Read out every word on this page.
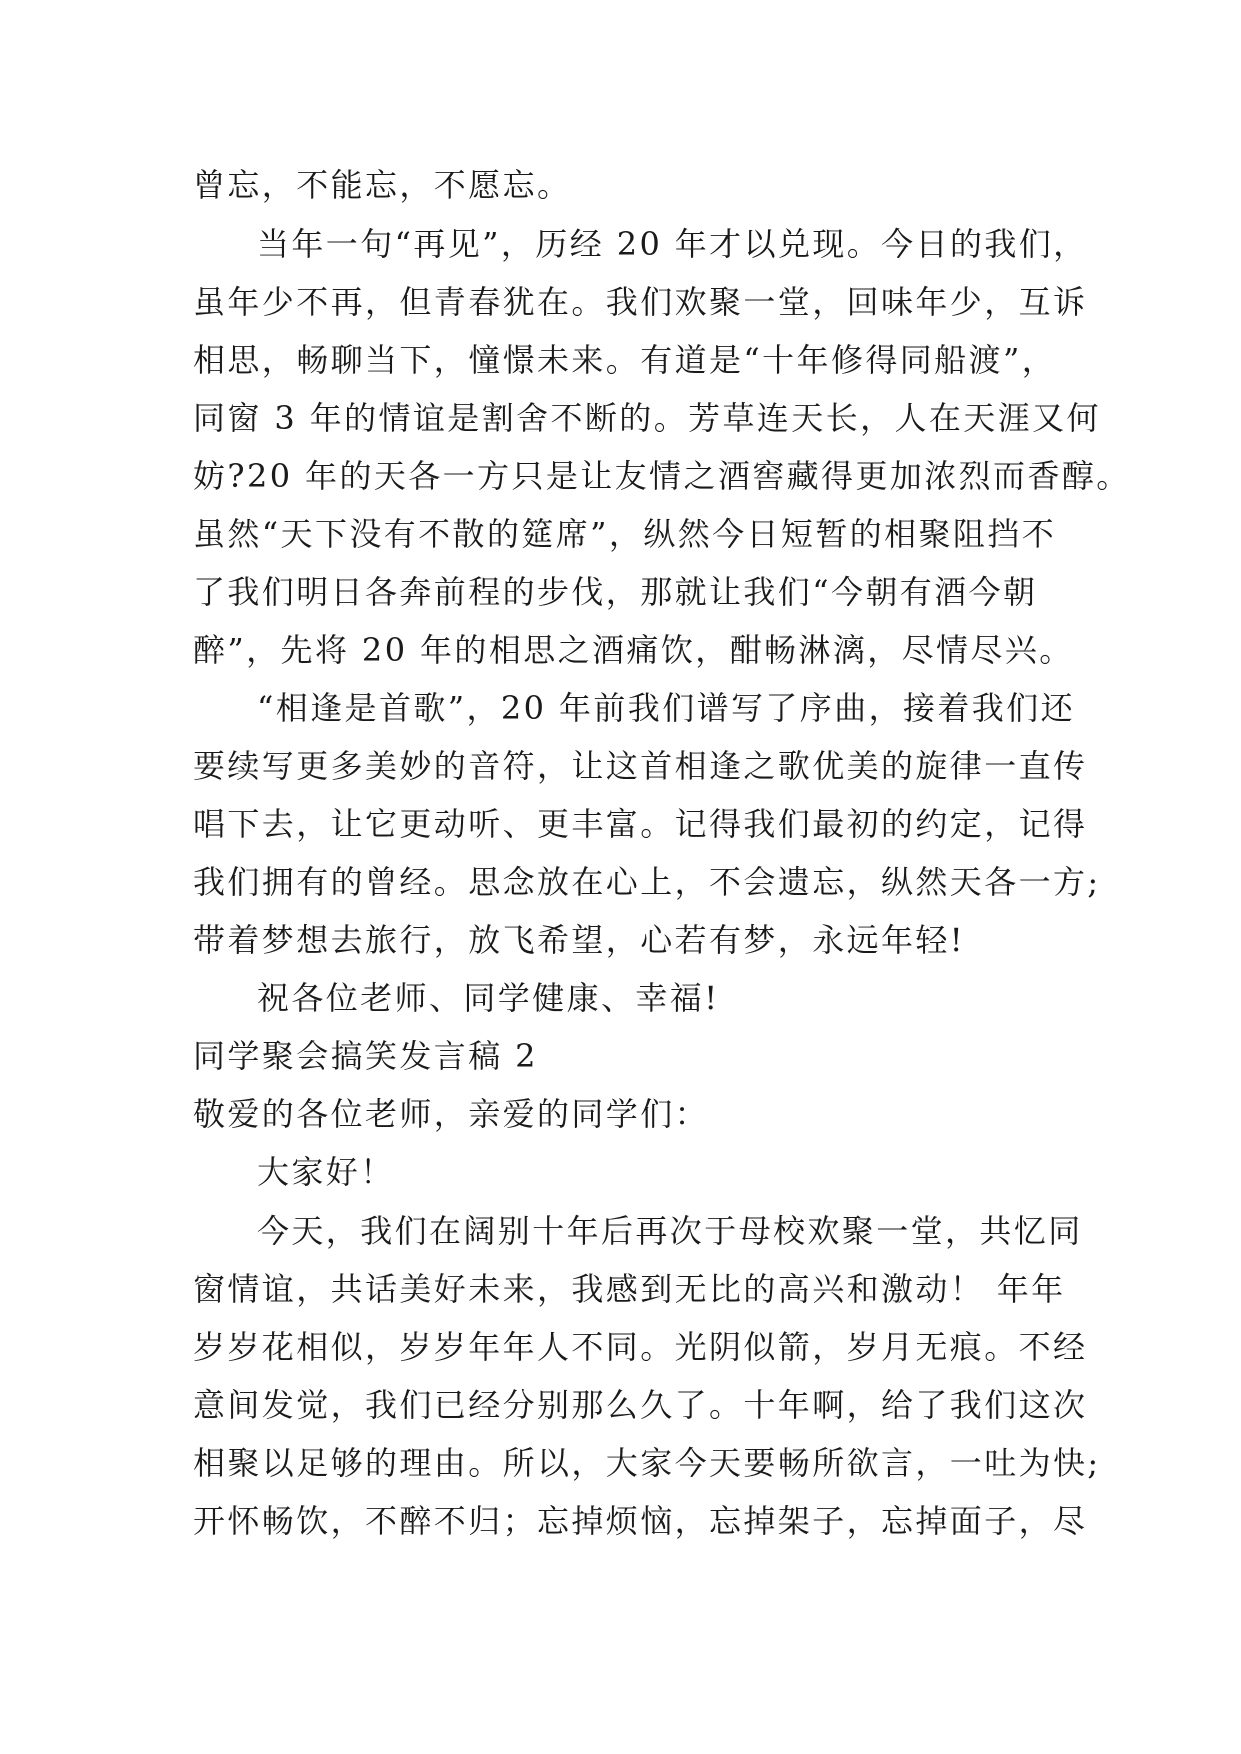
曾忘，不能忘，不愿忘。
当年一句“再见”，历经 20 年才以兑现。今日的我们，
虽年少不再，但青春犹在。我们欢聚一堂，回味年少，互诉
相思，畅聊当下，憧憬未来。有道是“十年修得同船渡”，
同窗 3 年的情谊是割舍不断的。芳草连天长，人在天涯又何
妨?20 年的天各一方只是让友情之酒窖藏得更加浓烈而香醇。
虽然“天下没有不散的筵席”，纵然今日短暂的相聚阻挡不
了我们明日各奔前程的步伐，那就让我们“今朝有酒今朝
醉”，先将 20 年的相思之酒痛饮，酣畅淋漓，尽情尽兴。
“相逢是首歌”，20 年前我们谱写了序曲，接着我们还
要续写更多美妙的音符，让这首相逢之歌优美的旋律一直传
唱下去，让它更动听、更丰富。记得我们最初的约定，记得
我们拥有的曾经。思念放在心上，不会遗忘，纵然天各一方;
带着梦想去旅行，放飞希望，心若有梦，永远年轻!
祝各位老师、同学健康、幸福!
同学聚会搞笑发言稿 2
敬爱的各位老师，亲爱的同学们：
大家好！
今天，我们在阔别十年后再次于母校欢聚一堂，共忆同
窗情谊，共话美好未来，我感到无比的高兴和激动！ 年年
岁岁花相似，岁岁年年人不同。光阴似箭，岁月无痕。不经
意间发觉，我们已经分别那么久了。十年啊，给了我们这次
相聚以足够的理由。所以，大家今天要畅所欲言，一吐为快;
开怀畅饮，不醉不归；忘掉烦恼，忘掉架子，忘掉面子，尽
